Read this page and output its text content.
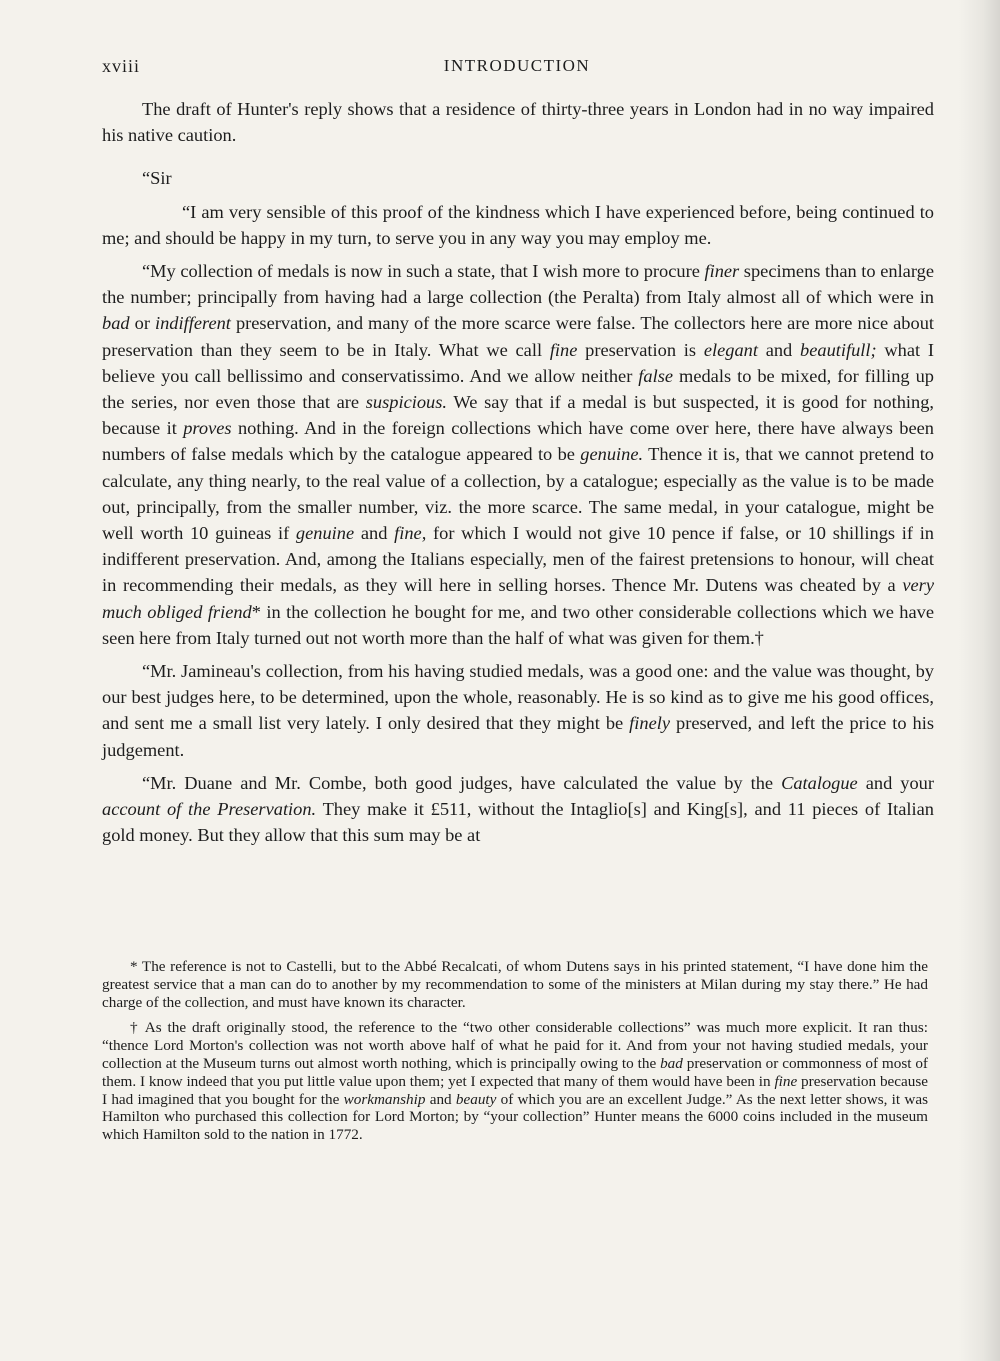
xviii	INTRODUCTION

The draft of Hunter's reply shows that a residence of thirty-three years in London had in no way impaired his native caution.

“Sir

“I am very sensible of this proof of the kindness which I have experienced before, being continued to me; and should be happy in my turn, to serve you in any way you may employ me.

“My collection of medals is now in such a state, that I wish more to procure finer specimens than to enlarge the number; principally from having had a large collection (the Peralta) from Italy almost all of which were in bad or indifferent preservation, and many of the more scarce were false. The collectors here are more nice about preservation than they seem to be in Italy. What we call fine preservation is elegant and beautifull; what I believe you call bellissimo and conservatissimo. And we allow neither false medals to be mixed, for filling up the series, nor even those that are suspicious. We say that if a medal is but suspected, it is good for nothing, because it proves nothing. And in the foreign collections which have come over here, there have always been numbers of false medals which by the catalogue appeared to be genuine. Thence it is, that we cannot pretend to calculate, any thing nearly, to the real value of a collection, by a catalogue; especially as the value is to be made out, principally, from the smaller number, viz. the more scarce. The same medal, in your catalogue, might be well worth 10 guineas if genuine and fine, for which I would not give 10 pence if false, or 10 shillings if in indifferent preservation. And, among the Italians especially, men of the fairest pretensions to honour, will cheat in recommending their medals, as they will here in selling horses. Thence Mr. Dutens was cheated by a very much obliged friend* in the collection he bought for me, and two other considerable collections which we have seen here from Italy turned out not worth more than the half of what was given for them.†

“Mr. Jamineau's collection, from his having studied medals, was a good one: and the value was thought, by our best judges here, to be determined, upon the whole, reasonably. He is so kind as to give me his good offices, and sent me a small list very lately. I only desired that they might be finely preserved, and left the price to his judgement.

“Mr. Duane and Mr. Combe, both good judges, have calculated the value by the Catalogue and your account of the Preservation. They make it £511, without the Intaglio[s] and King[s], and 11 pieces of Italian gold money. But they allow that this sum may be at

* The reference is not to Castelli, but to the Abbé Recalcati, of whom Dutens says in his printed statement, “I have done him the greatest service that a man can do to another by my recommendation to some of the ministers at Milan during my stay there.” He had charge of the collection, and must have known its character.

† As the draft originally stood, the reference to the “two other considerable collections” was much more explicit. It ran thus: “thence Lord Morton's collection was not worth above half of what he paid for it. And from your not having studied medals, your collection at the Museum turns out almost worth nothing, which is principally owing to the bad preservation or commonness of most of them. I know indeed that you put little value upon them; yet I expected that many of them would have been in fine preservation because I had imagined that you bought for the workmanship and beauty of which you are an excellent Judge.” As the next letter shows, it was Hamilton who purchased this collection for Lord Morton; by “your collection” Hunter means the 6000 coins included in the museum which Hamilton sold to the nation in 1772.
